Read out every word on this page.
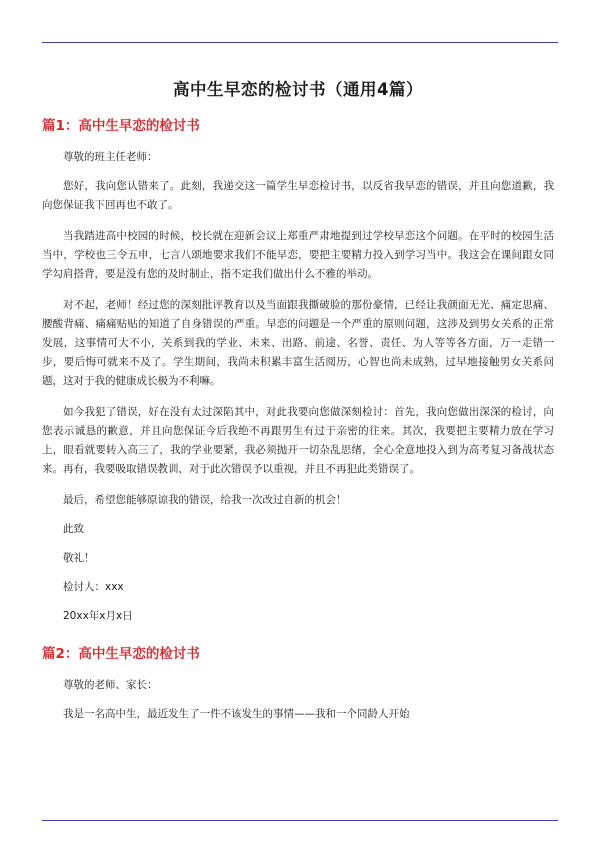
高中生早恋的检讨书（通用4篇）
篇1：高中生早恋的检讨书

尊敬的班主任老师：

您好，我向您认错来了。此刻，我递交这一篇学生早恋检讨书，以反省我早恋的错误，并且向您道歉，我向您保证我下回再也不敢了。

当我踏进高中校园的时候，校长就在迎新会议上郑重严肃地提到过学校早恋这个问题。在平时的校园生活当中，学校也三令五申，七言八颂地要求我们不能早恋，要把主要精力投入到学习当中。我这会在课间跟女同学勾肩搭背，要是没有您的及时制止，指不定我们做出什么不雅的举动。

对不起，老师！经过您的深刻批评教育以及当面跟我撕破脸的那份豪情，已经让我颜面无光、痛定思痛、腰酸背痛、痛痛贴贴的知道了自身错误的严重。早恋的问题是一个严重的原则问题，这涉及到男女关系的正常发展，这事情可大不小，关系到我的学业、未来、出路、前途、名誉、责任、为人等等各方面，万一走错一步，要后悔可就来不及了。学生期间，我尚未积累丰富生活阅历，心智也尚未成熟，过早地接触男女关系问题，这对于我的健康成长极为不利嘛。

如今我犯了错误，好在没有太过深陷其中，对此我要向您做深刻检讨：首先，我向您做出深深的检讨，向您表示诚恳的歉意，并且向您保证今后我绝不再跟男生有过于亲密的往来。其次，我要把主要精力放在学习上，眼看就要转入高三了，我的学业要紧，我必须抛开一切杂乱思绪，全心全意地投入到为高考复习备战状态来。再有，我要吸取错误教训，对于此次错误予以重视，并且不再犯此类错误了。

最后，希望您能够原谅我的错误，给我一次改过自新的机会！

此致

敬礼！

检讨人：xxx

20xx年x月x日

篇2：高中生早恋的检讨书

尊敬的老师、家长：

我是一名高中生，最近发生了一件不该发生的事情——我和一个同龄人开始
